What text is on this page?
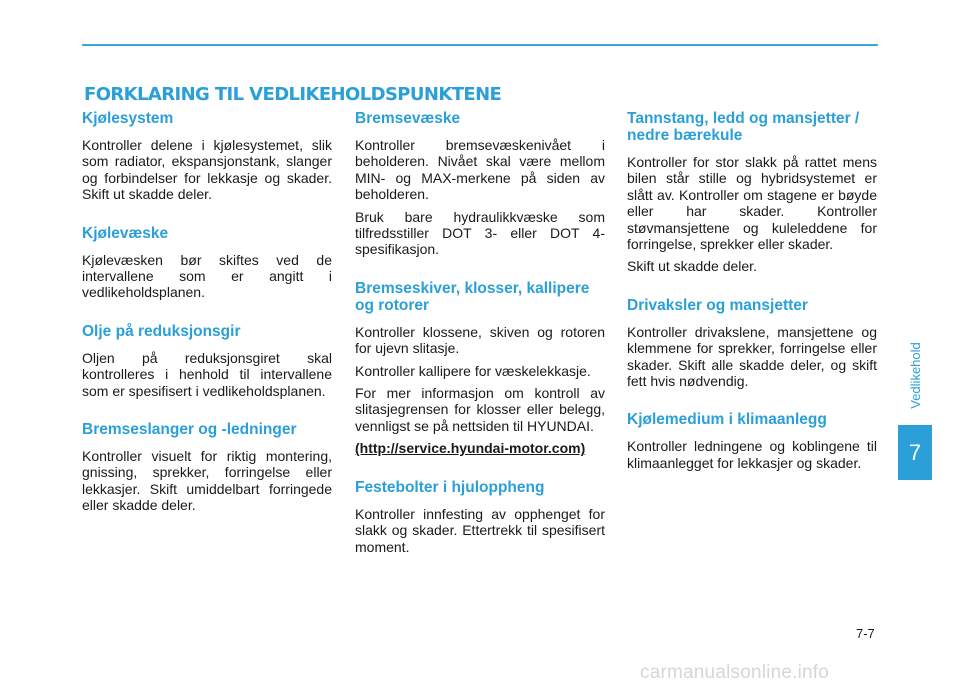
FORKLARING TIL VEDLIKEHOLDSPUNKTENE
Kjølesystem

Kontroller delene i kjølesystemet, slik som radiator, ekspansjonstank, slanger og forbindelser for lekkasje og skader. Skift ut skadde deler.

Kjølevæske

Kjølevæsken bør skiftes ved de intervallene som er angitt i vedlikeholdsplanen.

Olje på reduksjonsgir

Oljen på reduksjonsgiret skal kontrolleres i henhold til intervallene som er spesifisert i vedlikeholdsplanen.

Bremseslanger og -ledninger

Kontroller visuelt for riktig montering, gnissing, sprekker, forringelse eller lekkasjer. Skift umiddelbart forringede eller skadde deler.

Bremsevæske

Kontroller bremsevæskenivået i beholderen. Nivået skal være mellom MIN- og MAX-merkene på siden av beholderen.

Bruk bare hydraulikkvæske som tilfredsstiller DOT 3- eller DOT 4-spesifikasjon.

Bremseskiver, klosser, kallipere og rotorer

Kontroller klossene, skiven og rotoren for ujevn slitasje.

Kontroller kallipere for væskelekkasje.

For mer informasjon om kontroll av slitasjegrensen for klosser eller belegg, vennligst se på nettsiden til HYUNDAI.

(http://service.hyundai-motor.com)

Festebolter i hjuloppheng

Kontroller innfesting av opphenget for slakk og skader. Ettertrekk til spesifisert moment.

Tannstang, ledd og mansjetter / nedre bærekule

Kontroller for stor slakk på rattet mens bilen står stille og hybridsystemet er slått av. Kontroller om stagene er bøyde eller har skader. Kontroller støvmansjettene og kuleleddene for forringelse, sprekker eller skader.

Skift ut skadde deler.

Drivaksler og mansjetter

Kontroller drivakslene, mansjettene og klemmene for sprekker, forringelse eller skader. Skift alle skadde deler, og skift fett hvis nødvendig.

Kjølemedium i klimaanlegg

Kontroller ledningene og koblingene til klimaanlegget for lekkasjer og skader.

Vedlikehold
7
7-7
carmanualsonline.info
